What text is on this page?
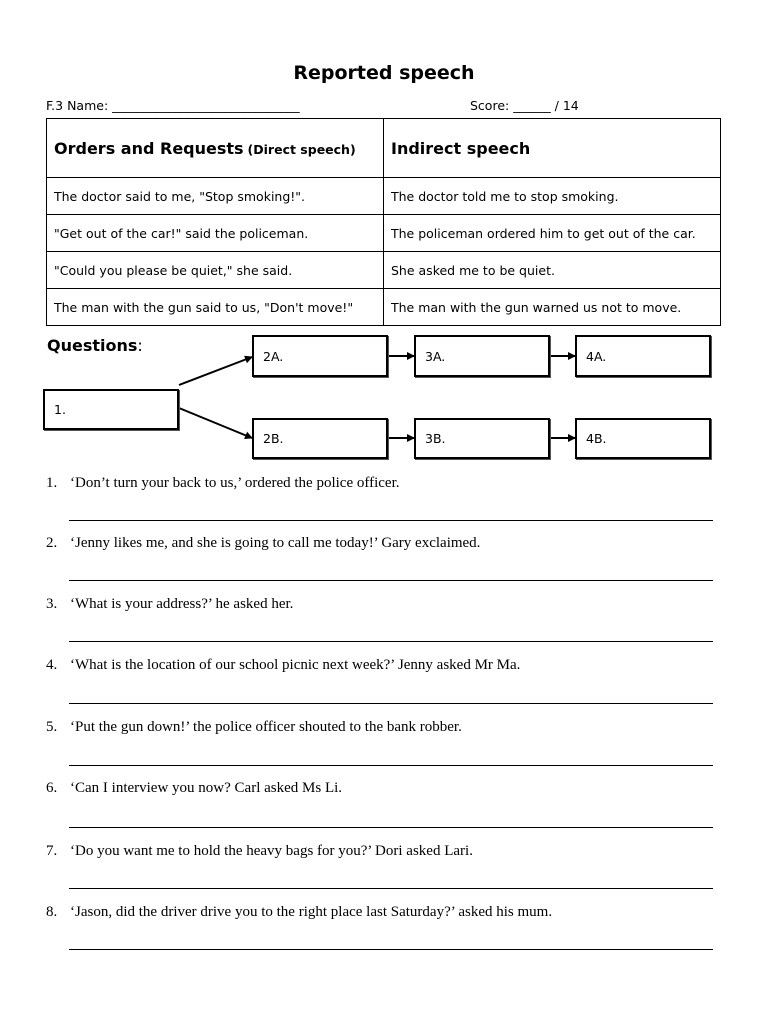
Reported speech
F.3 Name: ______________________________	Score: ______ / 14
Orders and Requests (Direct speech)	Indirect speech
The doctor said to me, "Stop smoking!".	The doctor told me to stop smoking.
"Get out of the car!" said the policeman.	The policeman ordered him to get out of the car.
"Could you please be quiet," she said.	She asked me to be quiet.
The man with the gun said to us, "Don't move!"	The man with the gun warned us not to move.
Questions:
1.
2A.	3A.	4A.
2B.	3B.	4B.
1. ‘Don’t turn your back to us,’ ordered the police officer.
2. ‘Jenny likes me, and she is going to call me today!’ Gary exclaimed.
3. ‘What is your address?’ he asked her.
4. ‘What is the location of our school picnic next week?’ Jenny asked Mr Ma.
5. ‘Put the gun down!’ the police officer shouted to the bank robber.
6. ‘Can I interview you now? Carl asked Ms Li.
7. ‘Do you want me to hold the heavy bags for you?’ Dori asked Lari.
8. ‘Jason, did the driver drive you to the right place last Saturday?’ asked his mum.
